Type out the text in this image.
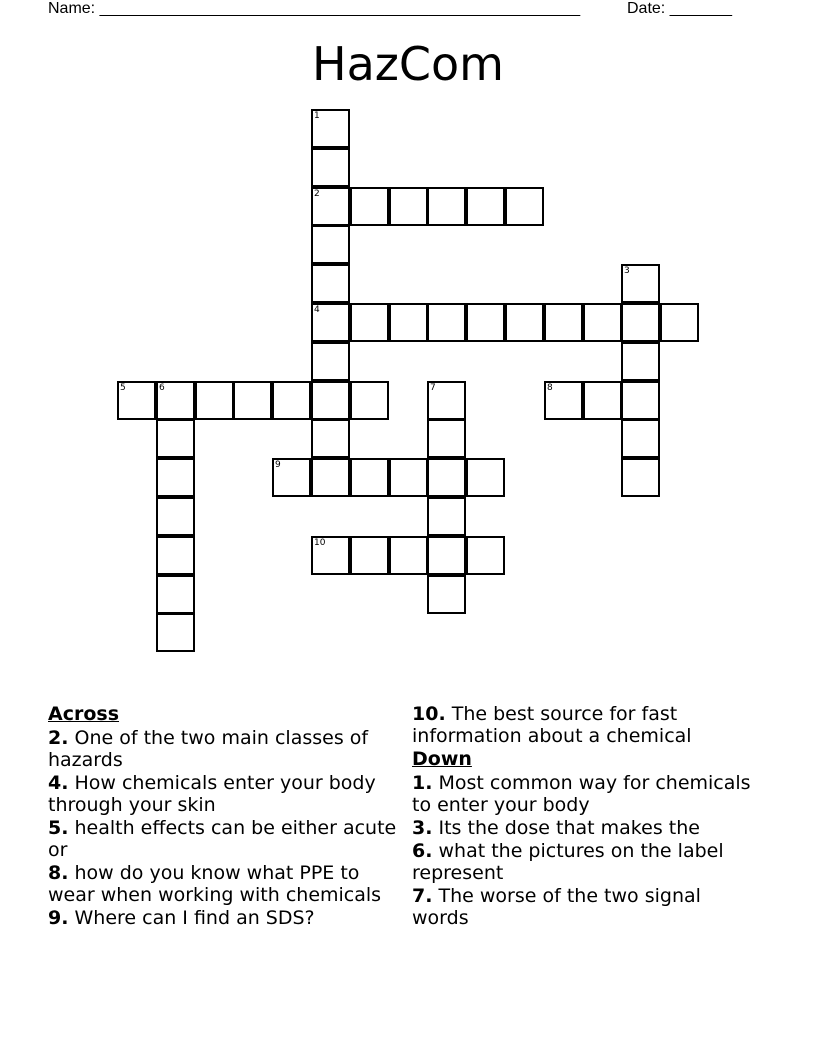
Name: ______________________________________________________	Date: _______
HazCom
1
2
4
3
5	6	7	8
9
10
Across
2. One of the two main classes of hazards
4. How chemicals enter your body through your skin
5. health effects can be either acute or
8. how do you know what PPE to wear when working with chemicals
9. Where can I find an SDS?
10. The best source for fast information about a chemical
Down
1. Most common way for chemicals to enter your body
3. Its the dose that makes the
6. what the pictures on the label represent
7. The worse of the two signal words
